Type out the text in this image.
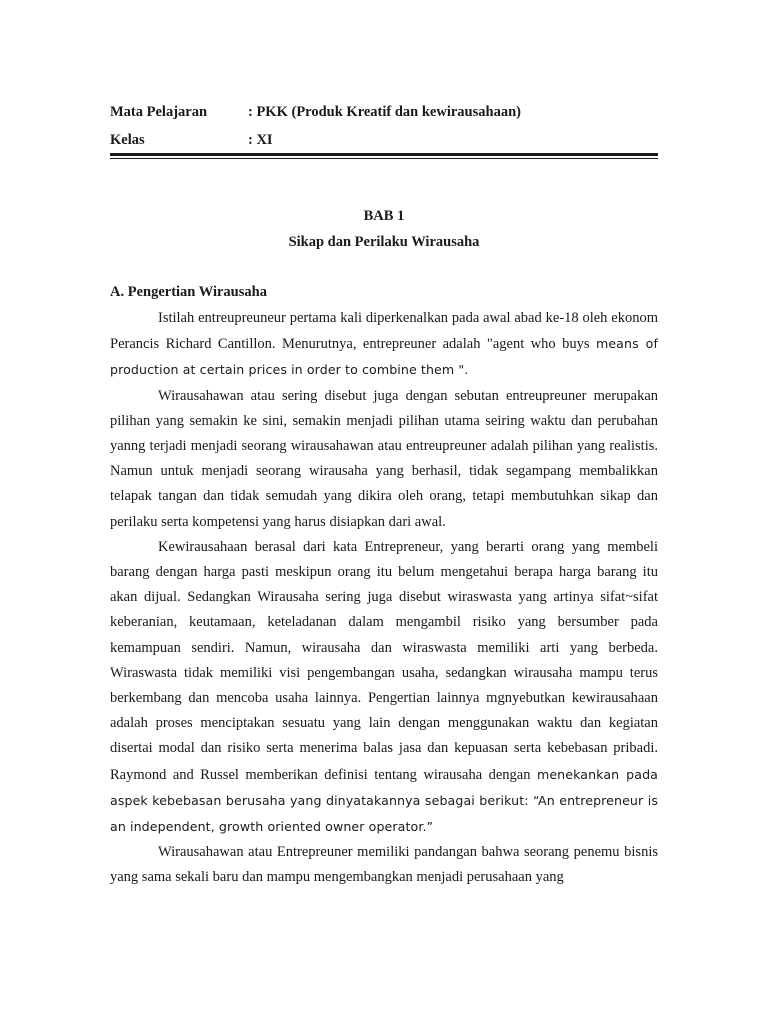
Mata Pelajaran	: PKK (Produk Kreatif dan kewirausahaan)
Kelas	: XI
BAB 1
Sikap dan Perilaku Wirausaha
A. Pengertian Wirausaha

Istilah entreupreuneur pertama kali diperkenalkan pada awal abad ke-18 oleh ekonom Perancis Richard Cantillon. Menurutnya, entrepreuner adalah "agent who buys means of production at certain prices in order to combine them ".

Wirausahawan atau sering disebut juga dengan sebutan entreupreuner merupakan pilihan yang semakin ke sini, semakin menjadi pilihan utama seiring waktu dan perubahan yanng terjadi menjadi seorang wirausahawan atau entreupreuner adalah pilihan yang realistis. Namun untuk menjadi seorang wirausaha yang berhasil, tidak segampang membalikkan telapak tangan dan tidak semudah yang dikira oleh orang, tetapi membutuhkan sikap dan perilaku serta kompetensi yang harus disiapkan dari awal.

Kewirausahaan berasal dari kata Entrepreneur, yang berarti orang yang membeli barang dengan harga pasti meskipun orang itu belum mengetahui berapa harga barang itu akan dijual. Sedangkan Wirausaha sering juga disebut wiraswasta yang artinya sifat~sifat keberanian, keutamaan, keteladanan dalam mengambil risiko yang bersumber pada kemampuan sendiri. Namun, wirausaha dan wiraswasta memiliki arti yang berbeda. Wiraswasta tidak memiliki visi pengembangan usaha, sedangkan wirausaha mampu terus berkembang dan mencoba usaha lainnya. Pengertian lainnya mgnyebutkan kewirausahaan adalah proses menciptakan sesuatu yang lain dengan menggunakan waktu dan kegiatan disertai modal dan risiko serta menerima balas jasa dan kepuasan serta kebebasan pribadi. Raymond and Russel memberikan definisi tentang wirausaha dengan menekankan pada aspek kebebasan berusaha yang dinyatakannya sebagai berikut: “An entrepreneur is an independent, growth oriented owner operator.”

Wirausahawan atau Entrepreuner memiliki pandangan bahwa seorang penemu bisnis yang sama sekali baru dan mampu mengembangkan menjadi perusahaan yang
